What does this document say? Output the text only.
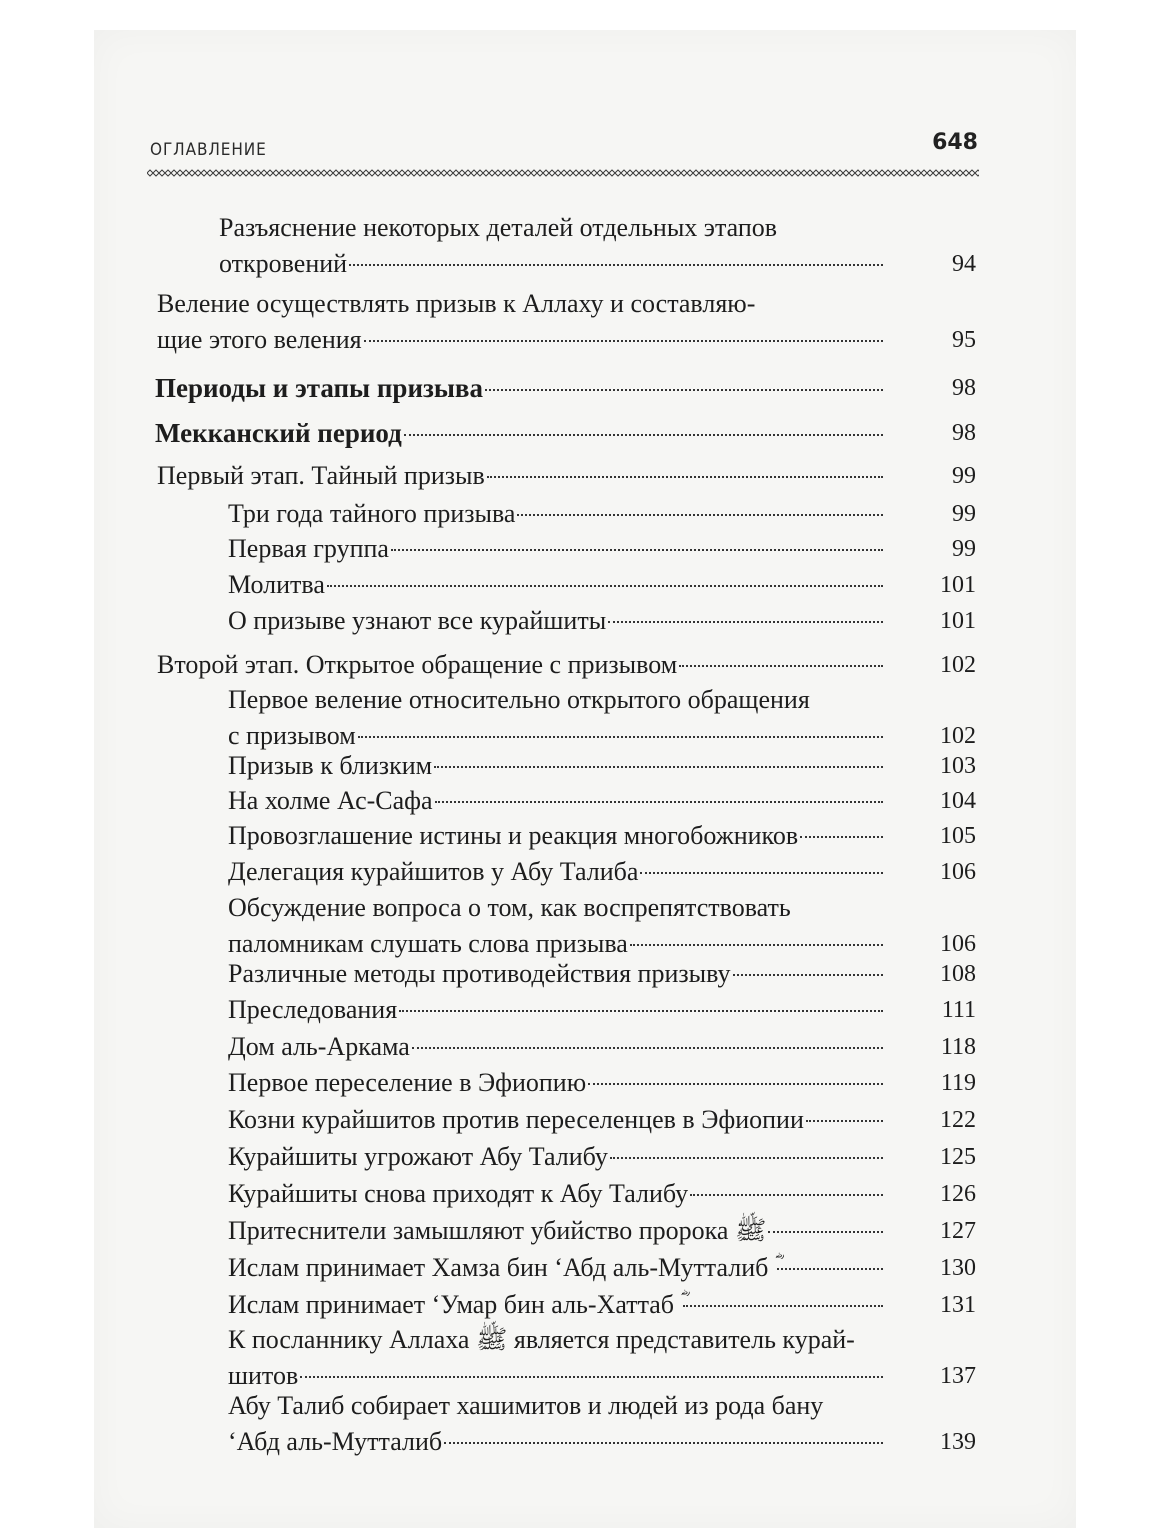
ОГЛАВЛЕНИЕ	648
Разъяснение некоторых деталей отдельных этапов
откровений	94
Веление осуществлять призыв к Аллаху и составляю-
щие этого веления	95
Периоды и этапы призыва	98
Мекканский период	98
Первый этап. Тайный призыв	99
Три года тайного призыва	99
Первая группа	99
Молитва	101
О призыве узнают все курайшиты	101
Второй этап. Открытое обращение с призывом	102
Первое веление относительно открытого обращения
с призывом	102
Призыв к близким	103
На холме Ас-Сафа	104
Провозглашение истины и реакция многобожников	105
Делегация курайшитов у Абу Талиба	106
Обсуждение вопроса о том, как воспрепятствовать
паломникам слушать слова призыва	106
Различные методы противодействия призыву	108
Преследования	111
Дом аль-Аркама	118
Первое переселение в Эфиопию	119
Козни курайшитов против переселенцев в Эфиопии	122
Курайшиты угрожают Абу Талибу	125
Курайшиты снова приходят к Абу Талибу	126
Притеснители замышляют убийство пророка ﷺ	127
Ислам принимает Хамза бин ‘Абд аль-Мутталиб ؓ	130
Ислам принимает ‘Умар бин аль-Хаттаб ؓ	131
К посланнику Аллаха ﷺ является представитель курай-
шитов	137
Абу Талиб собирает хашимитов и людей из рода бану
‘Абд аль-Мутталиб	139
